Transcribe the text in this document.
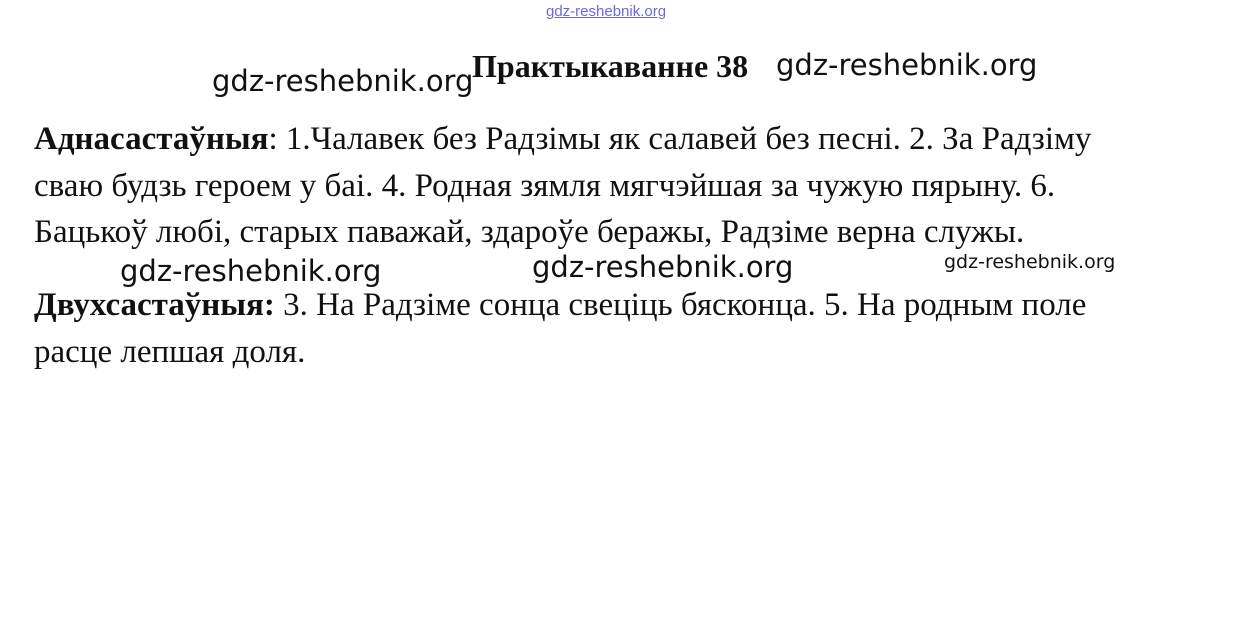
gdz-reshebnik.org
gdz-reshebnik.org
Практыкаванне 38 gdz-reshebnik.org
Аднасастаўныя: 1.Чалавек без Радзімы як салавей без песні. 2. За Радзіму
сваю будзь героем у баі. 4. Родная зямля мягчэйшая за чужую пярыну. 6.
Бацькоў любі, старых паважай, здароўе беражы, Радзіме верна служы.
gdz-reshebnik.org	gdz-reshebnik.org	gdz-reshebnik.org
Двухсастаўныя: 3. На Радзіме сонца свеціць бясконца. 5. На родным поле
расце лепшая доля.
